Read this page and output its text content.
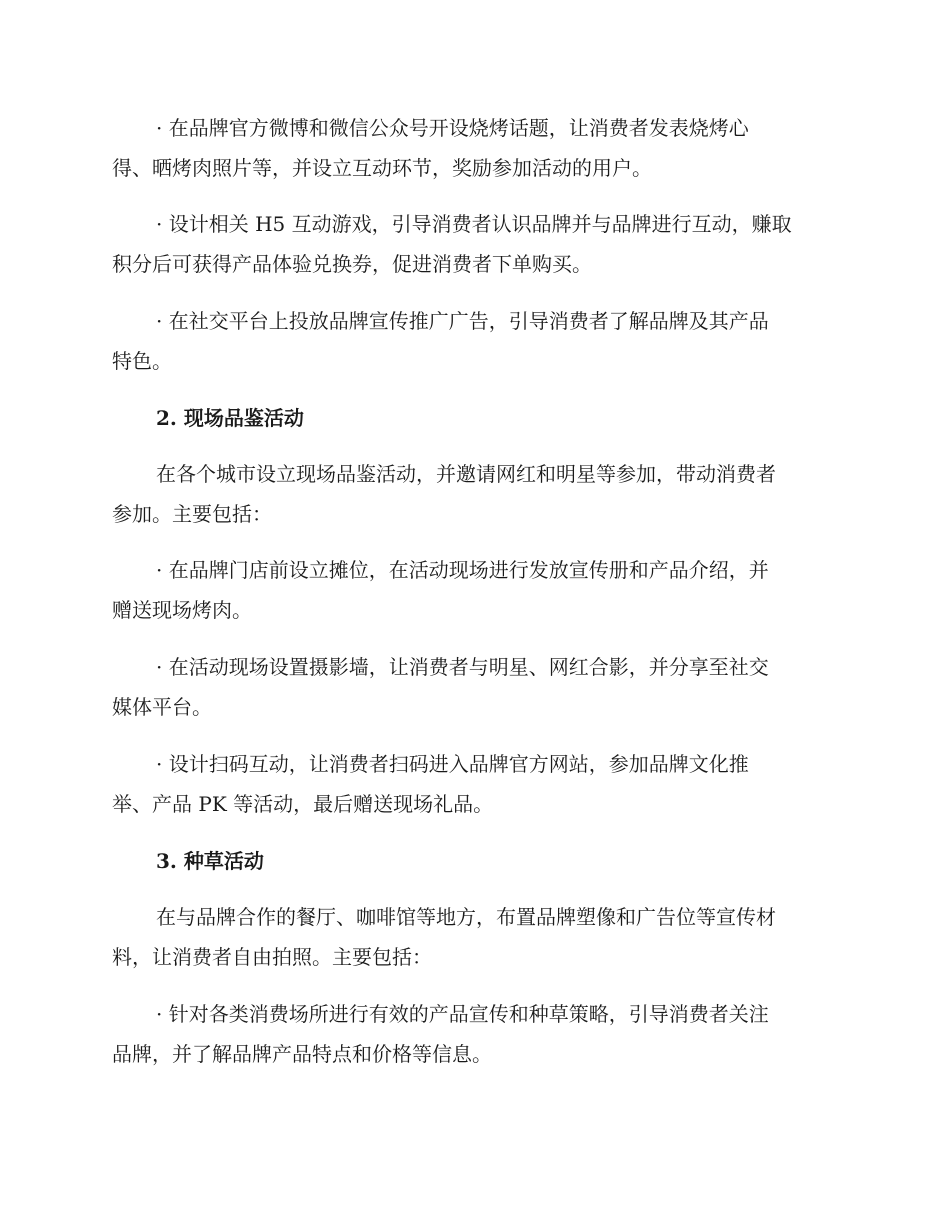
· 在品牌官方微博和微信公众号开设烧烤话题，让消费者发表烧烤心
得、晒烤肉照片等，并设立互动环节，奖励参加活动的用户。
· 设计相关 H5 互动游戏，引导消费者认识品牌并与品牌进行互动，赚取
积分后可获得产品体验兑换券，促进消费者下单购买。
· 在社交平台上投放品牌宣传推广广告，引导消费者了解品牌及其产品
特色。
2. 现场品鉴活动
在各个城市设立现场品鉴活动，并邀请网红和明星等参加，带动消费者
参加。主要包括：
· 在品牌门店前设立摊位，在活动现场进行发放宣传册和产品介绍，并
赠送现场烤肉。
· 在活动现场设置摄影墙，让消费者与明星、网红合影，并分享至社交
媒体平台。
· 设计扫码互动，让消费者扫码进入品牌官方网站，参加品牌文化推
举、产品 PK 等活动，最后赠送现场礼品。
3. 种草活动
在与品牌合作的餐厅、咖啡馆等地方，布置品牌塑像和广告位等宣传材
料，让消费者自由拍照。主要包括：
· 针对各类消费场所进行有效的产品宣传和种草策略，引导消费者关注
品牌，并了解品牌产品特点和价格等信息。
